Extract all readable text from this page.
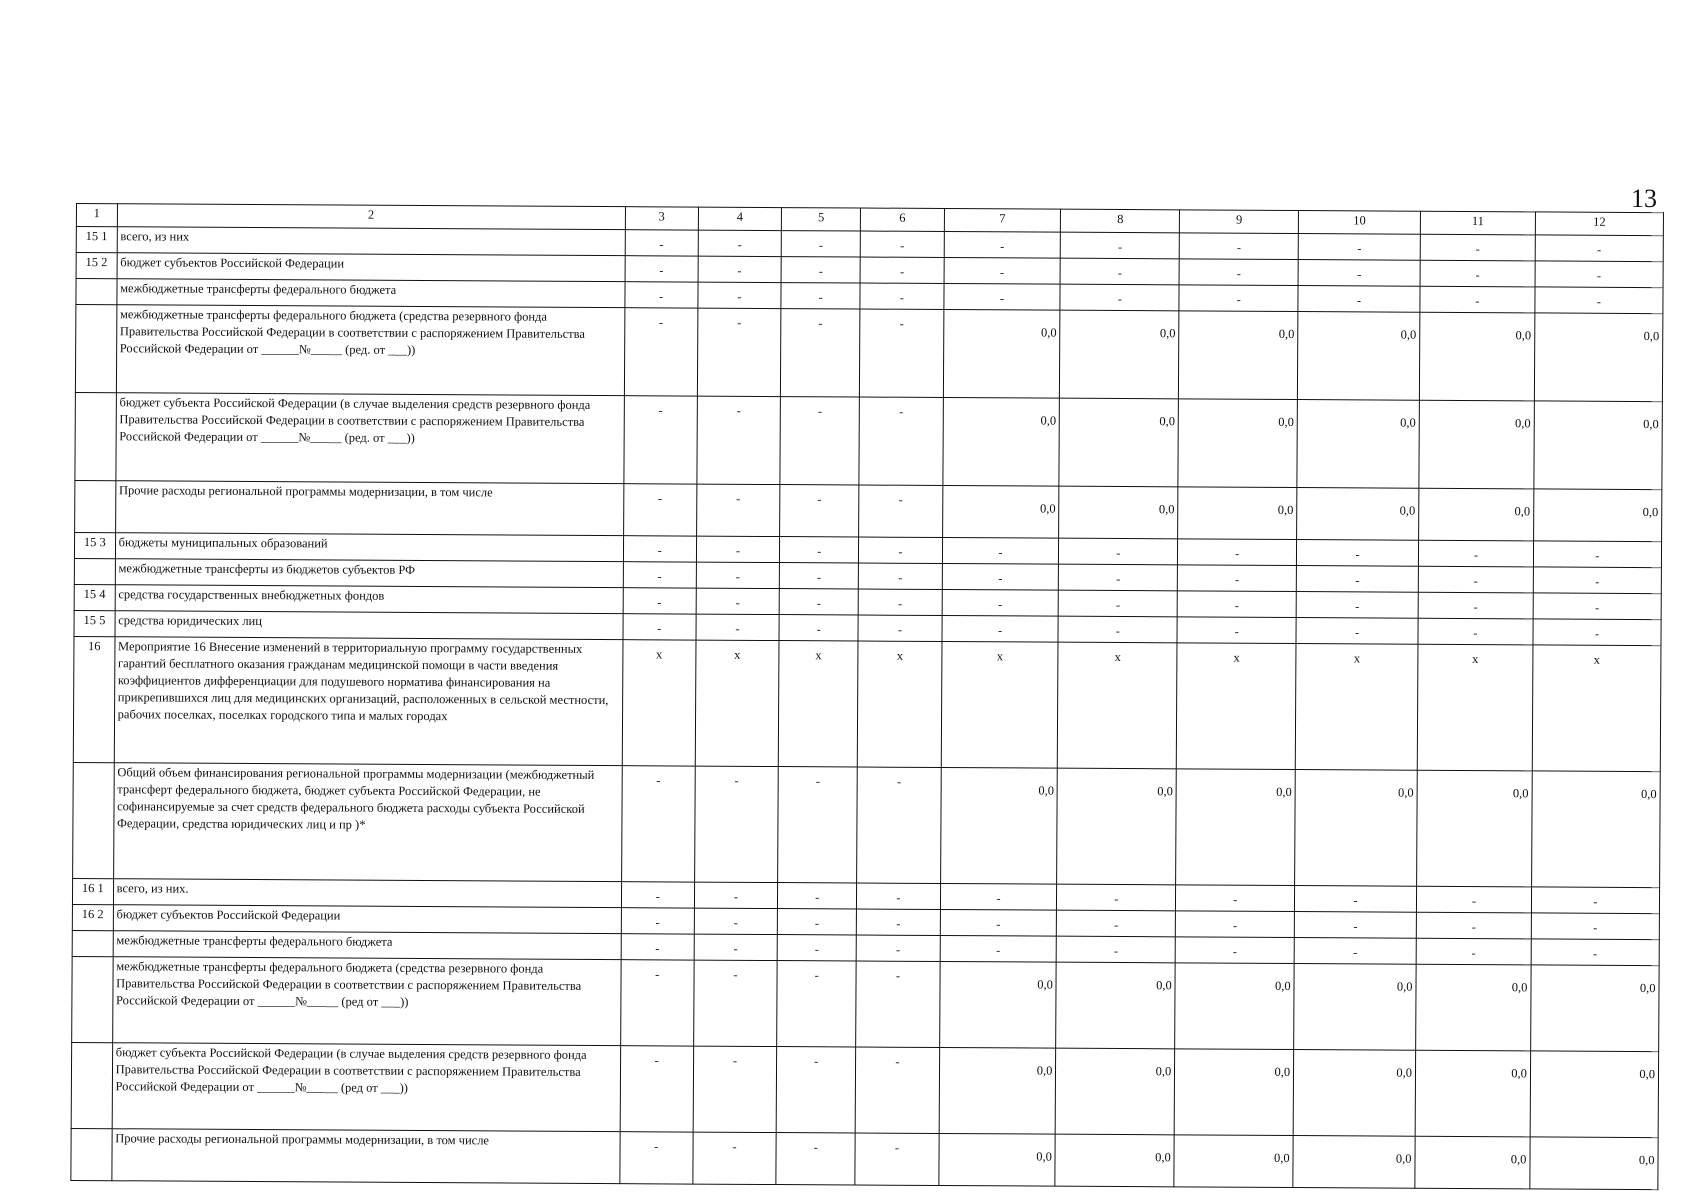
13
1	2	3	4	5	6	7	8	9	10	11	12
15 1	всего, из них	-	-	-	-	-	-	-	-	-	-
15 2	бюджет субъектов Российской Федерации	-	-	-	-	-	-	-	-	-	-
	межбюджетные трансферты федерального бюджета	-	-	-	-	-	-	-	-	-	-
	межбюджетные трансферты федерального бюджета (средства резервного фонда Правительства Российской Федерации в соответствии с распоряжением Правительства Российской Федерации от ______№_____ (ред. от ___))	-	-	-	-	0,0	0,0	0,0	0,0	0,0	0,0
	бюджет субъекта Российской Федерации (в случае выделения средств резервного фонда Правительства Российской Федерации в соответствии с распоряжением Правительства Российской Федерации от ______№_____ (ред. от ___))	-	-	-	-	0,0	0,0	0,0	0,0	0,0	0,0
	Прочие расходы региональной программы модернизации, в том числе	-	-	-	-	0,0	0,0	0,0	0,0	0,0	0,0
15 3	бюджеты муниципальных образований	-	-	-	-	-	-	-	-	-	-
	межбюджетные трансферты из бюджетов субъектов РФ	-	-	-	-	-	-	-	-	-	-
15 4	средства государственных внебюджетных фондов	-	-	-	-	-	-	-	-	-	-
15 5	средства юридических лиц	-	-	-	-	-	-	-	-	-	-
16	Мероприятие 16 Внесение изменений в территориальную программу государственных гарантий бесплатного оказания гражданам медицинской помощи в части введения коэффициентов дифференциации для подушевого норматива финансирования на прикрепившихся лиц для медицинских организаций, расположенных в сельской местности, рабочих поселках, поселках городского типа и малых городах	x	x	x	x	x	x	x	x	x	x
	Общий объем финансирования региональной программы модернизации (межбюджетный трансферт федерального бюджета, бюджет субъекта Российской Федерации, не софинансируемые за счет средств федерального бюджета расходы субъекта Российской Федерации, средства юридических лиц и пр )*	-	-	-	-	0,0	0,0	0,0	0,0	0,0	0,0
16 1	всего, из них.	-	-	-	-	-	-	-	-	-	-
16 2	бюджет субъектов Российской Федерации	-	-	-	-	-	-	-	-	-	-
	межбюджетные трансферты федерального бюджета	-	-	-	-	-	-	-	-	-	-
	межбюджетные трансферты федерального бюджета (средства резервного фонда Правительства Российской Федерации в соответствии с распоряжением Правительства Российской Федерации от ______№_____ (ред от ___))	-	-	-	-	0,0	0,0	0,0	0,0	0,0	0,0
	бюджет субъекта Российской Федерации (в случае выделения средств резервного фонда Правительства Российской Федерации в соответствии с распоряжением Правительства Российской Федерации от ______№_____ (ред от ___))	-	-	-	-	0,0	0,0	0,0	0,0	0,0	0,0
	Прочие расходы региональной программы модернизации, в том числе	-	-	-	-	0,0	0,0	0,0	0,0	0,0	0,0
